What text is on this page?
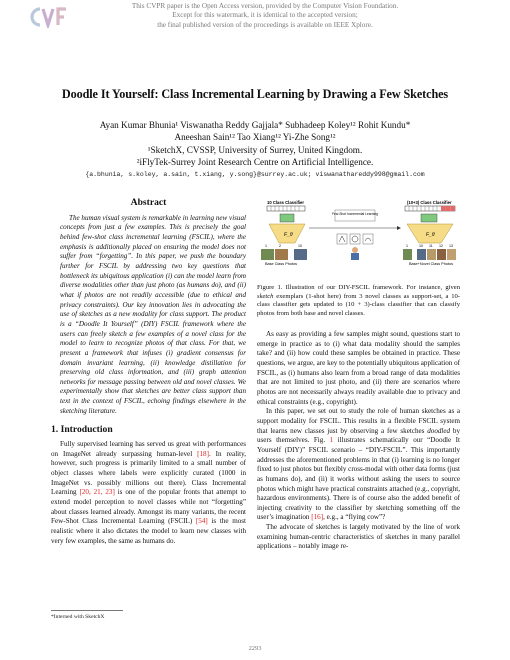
This CVPR paper is the Open Access version, provided by the Computer Vision Foundation.
Except for this watermark, it is identical to the accepted version;
the final published version of the proceedings is available on IEEE Xplore.
Doodle It Yourself: Class Incremental Learning by Drawing a Few Sketches
Ayan Kumar Bhunia¹ Viswanatha Reddy Gajjala* Subhadeep Koley¹² Rohit Kundu*
Aneeshan Sain¹² Tao Xiang¹² Yi-Zhe Song¹²
¹SketchX, CVSSP, University of Surrey, United Kingdom.
²iFlyTek-Surrey Joint Research Centre on Artificial Intelligence.
{a.bhunia, s.koley, a.sain, t.xiang, y.song}@surrey.ac.uk; viswanathareddy998@gmail.com
Abstract

The human visual system is remarkable in learning new visual concepts from just a few examples. This is precisely the goal behind few-shot class incremental learning (FSCIL), where the emphasis is additionally placed on ensuring the model does not suffer from “forgetting”. In this paper, we push the boundary further for FSCIL by addressing two key questions that bottleneck its ubiquitous application (i) can the model learn from diverse modalities other than just photo (as humans do), and (ii) what if photos are not readily accessible (due to ethical and privacy constraints). Our key innovation lies in advocating the use of sketches as a new modality for class support. The product is a “Doodle It Yourself” (DIY) FSCIL framework where the users can freely sketch a few examples of a novel class for the model to learn to recognize photos of that class. For that, we present a framework that infuses (i) gradient consensus for domain invariant learning, (ii) knowledge distillation for preserving old class information, and (iii) graph attention networks for message passing between old and novel classes. We experimentally show that sketches are better class support than text in the context of FSCIL, echoing findings elsewhere in the sketching literature.

1. Introduction

Fully supervised learning has served us great with performances on ImageNet already surpassing human-level [18]. In reality, however, such progress is primarily limited to a small number of object classes where labels were explicitly curated (1000 in ImageNet vs. possibly millions out there). Class Incremental Learning [20, 21, 23] is one of the popular fronts that attempt to extend model perception to novel classes while not “forgetting” about classes learned already. Amongst its many variants, the recent Few-Shot Class Incremental Learning (FSCIL) [54] is the most realistic where it also dictates the model to learn new classes with very few examples, the same as humans do.

10 Class Classifier
F_θ
1	2	10
Base Class Photos
Few-Shot Incremental Learning
(10+3) Class Classifier
F_θ
1	10 11 12 13
Base+Novel Class Photos
Figure 1. Illustration of our DIY-FSCIL framework. For instance, given sketch exemplars (1-shot here) from 3 novel classes as support-set, a 10-class classifier gets updated to (10 + 3)-class classifier that can classify photos from both base and novel classes.

As easy as providing a few samples might sound, questions start to emerge in practice as to (i) what data modality should the samples take? and (ii) how could these samples be obtained in practice. These questions, we argue, are key to the potentially ubiquitous application of FSCIL, as (i) humans also learn from a broad range of data modalities that are not limited to just photo, and (ii) there are scenarios where photos are not necessarily always readily available due to privacy and ethical constraints (e.g., copyright).

In this paper, we set out to study the role of human sketches as a support modality for FSCIL. This results in a flexible FSCIL system that learns new classes just by observing a few sketches doodled by users themselves. Fig. 1 illustrates schematically our “Doodle It Yourself (DIY)” FSCIL scenario – “DIY-FSCIL”. This importantly addresses the aforementioned problems in that (i) learning is no longer fixed to just photos but flexibly cross-modal with other data forms (just as humans do), and (ii) it works without asking the users to source photos which might have practical constraints attached (e.g., copyright, hazardous environments). There is of course also the added benefit of injecting creativity to the classifier by sketching something off the user’s imagination [16], e.g., a “flying cow”?

The advocate of sketches is largely motivated by the line of work examining human-centric characteristics of sketches in many parallel applications – notably image re-

*Interned with SketchX
2293
